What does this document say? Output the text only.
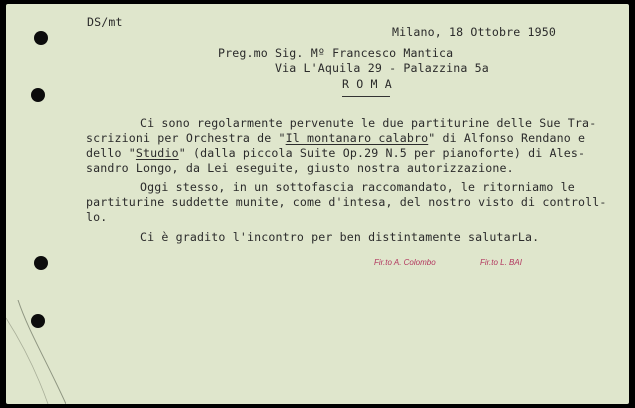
DS/mt
Milano, 18 Ottobre 1950
Preg.mo Sig. Mº Francesco Mantica
Via L'Aquila 29 - Palazzina 5a
R O M A
Ci sono regolarmente pervenute le due partiturine delle Sue Tra-
scrizioni per Orchestra de "Il montanaro calabro" di Alfonso Rendano e
dello "Studio" (dalla piccola Suite Op.29 N.5 per pianoforte) di Ales-
sandro Longo, da Lei eseguite, giusto nostra autorizzazione.
Oggi stesso, in un sottofascia raccomandato, le ritorniamo le
partiturine suddette munite, come d'intesa, del nostro visto di controll-
lo.
Ci è gradito l'incontro per ben distintamente salutarLa.
Fir.to A. Colombo	Fir.to L. BAI
